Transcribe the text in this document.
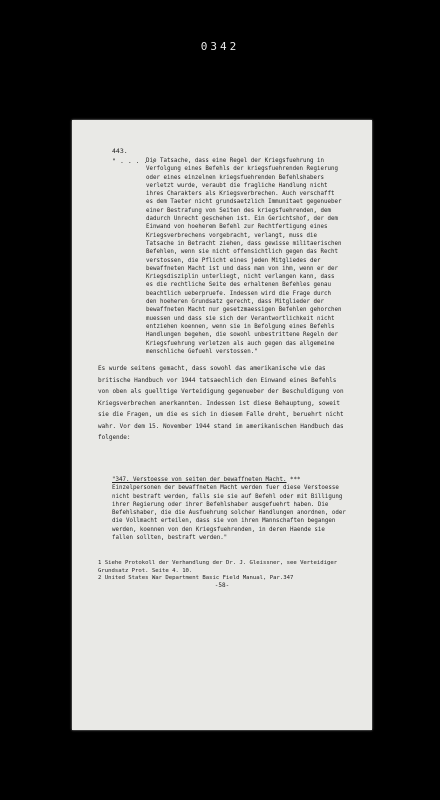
0342
443.
" . . . . .

Die Tatsache, dass eine Regel der Kriegsfuehrung in Verfolgung eines Befehls der kriegsfuehrenden Regierung oder eines einzelnen kriegsfuehrenden Befehlshabers verletzt wurde, veraubt die fragliche Handlung nicht ihres Charakters als Kriegsverbrechen. Auch verschafft es dem Taeter nicht grundsaetzlich Immunitaet gegenueber einer Bestrafung von Seiten des kriegsfuehrenden, dem dadurch Unrecht geschehen ist. Ein Gerichtshof, der dem Einwand von hoeherem Befehl zur Rechtfertigung eines Kriegsverbrechens vorgebracht, verlangt, muss die Tatsache in Betracht ziehen, dass gewisse militaerischen Befehlen, wenn sie nicht offensichtlich gegen das Recht verstossen, die Pflicht eines jeden Mitgliedes der bewaffneten Macht ist und dass man von ihm, wenn er der Kriegsdisziplin unterliegt, nicht verlangen kann, dass es die rechtliche Seite des erhaltenen Befehles genau beachtlich ueberpruefe. Indessen wird die Frage durch den hoeheren Grundsatz gerecht, dass Mitglieder der bewaffneten Macht nur gesetzmaessigen Befehlen gehorchen muessen und dass sie sich der Verantwortlichkeit nicht entziehen koennen, wenn sie in Befolgung eines Befehls Handlungen begehen, die sowohl unbestrittene Regeln der Kriegsfuehrung verletzen als auch gegen das allgemeine menschliche Gefuehl verstossen."

Es wurde seitens gemacht, dass sowohl das amerikanische wie das britische Handbuch vor 1944 tatsaechlich den Einwand eines Befehls von oben als guelltige Verteidigung gegenueber der Beschuldigung von Kriegsverbrechen anerkannten. Indessen ist diese Behauptung, soweit sie die Fragen, um die es sich in diesem Falle dreht, beruehrt nicht wahr. Vor dem 15. November 1944 stand im amerikanischen Handbuch das folgende:

"347. Verstoesse von seiten der bewaffneten Macht. ***

Einzelpersonen der bewaffneten Macht werden fuer diese Verstoesse nicht bestraft werden, falls sie sie auf Befehl oder mit Billigung ihrer Regierung oder ihrer Befehlshaber ausgefuehrt haben. Die Befehlshaber, die die Ausfuehrung solcher Handlungen anordnen, oder die Vollmacht erteilen, dass sie von ihren Mannschaften begangen werden, koennen von den Kriegsfuehrenden, in deren Haende sie fallen sollten, bestraft werden."

1 Siehe Protokoll der Verhandlung der Dr. J. Gleissner, see Verteidiger Grundsatz Prot. Seite 4. 10.

2 United States War Department Basic Field Manual, Par.347

-58-
